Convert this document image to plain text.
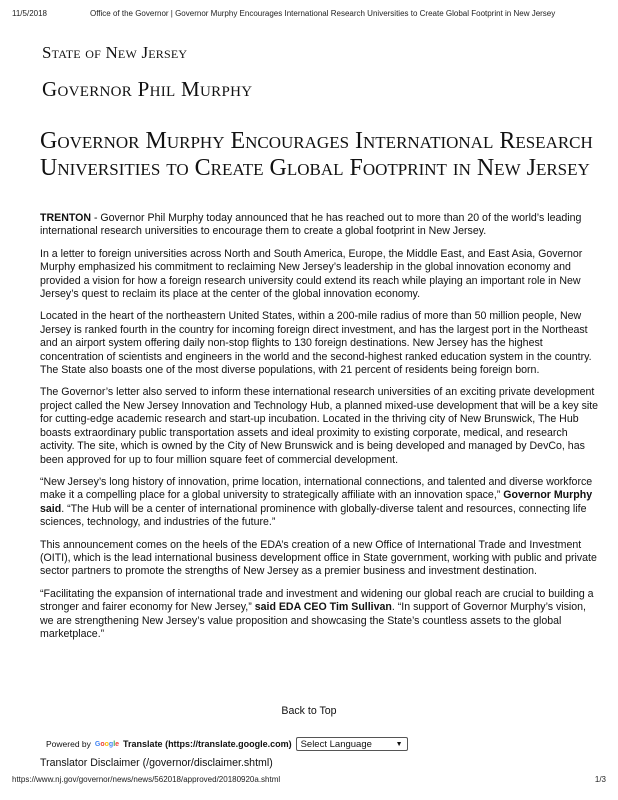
11/5/2018	Office of the Governor | Governor Murphy Encourages International Research Universities to Create Global Footprint in New Jersey
State of New Jersey
Governor Phil Murphy
Governor Murphy Encourages International Research Universities to Create Global Footprint in New Jersey

TRENTON - Governor Phil Murphy today announced that he has reached out to more than 20 of the world’s leading international research universities to encourage them to create a global footprint in New Jersey.

In a letter to foreign universities across North and South America, Europe, the Middle East, and East Asia, Governor Murphy emphasized his commitment to reclaiming New Jersey’s leadership in the global innovation economy and provided a vision for how a foreign research university could extend its reach while playing an important role in New Jersey’s quest to reclaim its place at the center of the global innovation economy.

Located in the heart of the northeastern United States, within a 200-mile radius of more than 50 million people, New Jersey is ranked fourth in the country for incoming foreign direct investment, and has the largest port in the Northeast and an airport system offering daily non-stop flights to 130 foreign destinations. New Jersey has the highest concentration of scientists and engineers in the world and the second-highest ranked education system in the country. The State also boasts one of the most diverse populations, with 21 percent of residents being foreign born.

The Governor’s letter also served to inform these international research universities of an exciting private development project called the New Jersey Innovation and Technology Hub, a planned mixed-use development that will be a key site for cutting-edge academic research and start-up incubation. Located in the thriving city of New Brunswick, The Hub boasts extraordinary public transportation assets and ideal proximity to existing corporate, medical, and research activity. The site, which is owned by the City of New Brunswick and is being developed and managed by DevCo, has been approved for up to four million square feet of commercial development.

“New Jersey’s long history of innovation, prime location, international connections, and talented and diverse workforce make it a compelling place for a global university to strategically affiliate with an innovation space,” Governor Murphy said. “The Hub will be a center of international prominence with globally-diverse talent and resources, connecting life sciences, technology, and industries of the future.”

This announcement comes on the heels of the EDA’s creation of a new Office of International Trade and Investment (OITI), which is the lead international business development office in State government, working with public and private sector partners to promote the strengths of New Jersey as a premier business and investment destination.

“Facilitating the expansion of international trade and investment and widening our global reach are crucial to building a stronger and fairer economy for New Jersey,” said EDA CEO Tim Sullivan. “In support of Governor Murphy’s vision, we are strengthening New Jersey’s value proposition and showcasing the State’s countless assets to the global marketplace.”

Back to Top
Powered by Google Translate (https://translate.google.com) Select Language	▼
Translator Disclaimer (/governor/disclaimer.shtml)
https://www.nj.gov/governor/news/news/562018/approved/20180920a.shtml	1/3
